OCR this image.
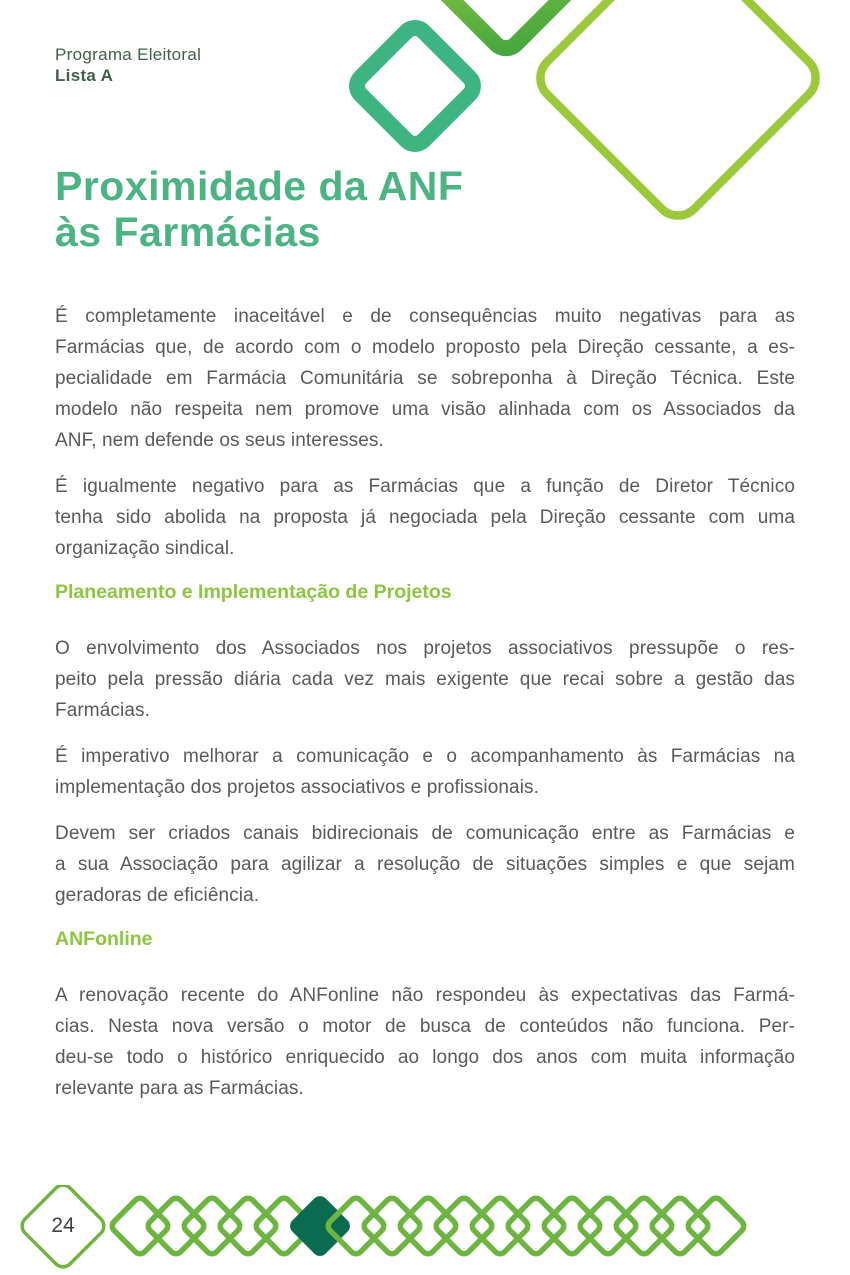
Programa Eleitoral
Lista A
Proximidade da ANF
às Farmácias
É completamente inaceitável e de consequências muito negativas para as
Farmácias que, de acordo com o modelo proposto pela Direção cessante, a es-
pecialidade em Farmácia Comunitária se sobreponha à Direção Técnica. Este
modelo não respeita nem promove uma visão alinhada com os Associados da
ANF, nem defende os seus interesses.
É igualmente negativo para as Farmácias que a função de Diretor Técnico
tenha sido abolida na proposta já negociada pela Direção cessante com uma
organização sindical.
Planeamento e Implementação de Projetos
O envolvimento dos Associados nos projetos associativos pressupõe o res-
peito pela pressão diária cada vez mais exigente que recai sobre a gestão das
Farmácias.
É imperativo melhorar a comunicação e o acompanhamento às Farmácias na
implementação dos projetos associativos e profissionais.
Devem ser criados canais bidirecionais de comunicação entre as Farmácias e
a sua Associação para agilizar a resolução de situações simples e que sejam
geradoras de eficiência.
ANFonline
A renovação recente do ANFonline não respondeu às expectativas das Farmá-
cias. Nesta nova versão o motor de busca de conteúdos não funciona. Per-
deu-se todo o histórico enriquecido ao longo dos anos com muita informação
relevante para as Farmácias.
24
